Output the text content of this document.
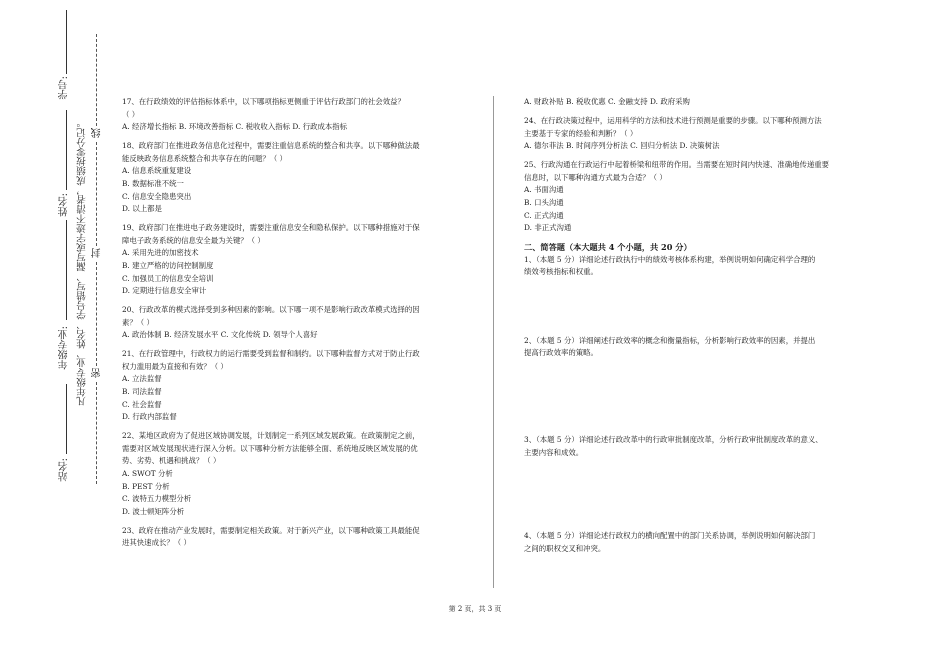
学号:
姓名:
年级专业:
站名:
凡年级专业、姓名、学号错写、漏写或字迹不清者，成绩按零分记。 线
封
密

17、在行政绩效的评估指标体系中，以下哪项指标更侧重于评估行政部门的社会效益？

（ ）

A. 经济增长指标 B. 环境改善指标 C. 税收收入指标 D. 行政成本指标

18、政府部门在推进政务信息化过程中，需要注重信息系统的整合和共享。以下哪种做法最

能反映政务信息系统整合和共享存在的问题？（ ）

A. 信息系统重复建设

B. 数据标准不统一

C. 信息安全隐患突出

D. 以上都是

19、政府部门在推进电子政务建设时，需要注重信息安全和隐私保护。以下哪种措施对于保

障电子政务系统的信息安全最为关键？（ ）

A. 采用先进的加密技术

B. 建立严格的访问控制制度

C. 加强员工的信息安全培训

D. 定期进行信息安全审计

20、行政改革的模式选择受到多种因素的影响。以下哪一项不是影响行政改革模式选择的因

素？（ ）

A. 政治体制 B. 经济发展水平 C. 文化传统 D. 领导个人喜好

21、在行政管理中，行政权力的运行需要受到监督和制约。以下哪种监督方式对于防止行政

权力滥用最为直接和有效？（ ）

A. 立法监督

B. 司法监督

C. 社会监督

D. 行政内部监督

22、某地区政府为了促进区域协调发展，计划制定一系列区域发展政策。在政策制定之前，

需要对区域发展现状进行深入分析。以下哪种分析方法能够全面、系统地反映区域发展的优

势、劣势、机遇和挑战？（ ）

A. SWOT 分析

B. PEST 分析

C. 波特五力模型分析

D. 波士顿矩阵分析

23、政府在推动产业发展时，需要制定相关政策。对于新兴产业，以下哪种政策工具最能促

进其快速成长？（ ）

A. 财政补贴 B. 税收优惠 C. 金融支持 D. 政府采购

24、在行政决策过程中，运用科学的方法和技术进行预测是重要的步骤。以下哪种预测方法

主要基于专家的经验和判断？（ ）

A. 德尔菲法 B. 时间序列分析法 C. 回归分析法 D. 决策树法

25、行政沟通在行政运行中起着桥梁和纽带的作用。当需要在短时间内快速、准确地传递重要

信息时，以下哪种沟通方式最为合适？（ ）

A. 书面沟通

B. 口头沟通

C. 正式沟通

D. 非正式沟通

二、简答题（本大题共 4 个小题，共 20 分）

1、（本题 5 分）详细论述行政执行中的绩效考核体系构建，举例说明如何确定科学合理的

绩效考核指标和权重。

2、（本题 5 分）详细阐述行政效率的概念和衡量指标，分析影响行政效率的因素，并提出

提高行政效率的策略。

3、（本题 5 分）详细论述行政改革中的行政审批制度改革，分析行政审批制度改革的意义、

主要内容和成效。

4、（本题 5 分）详细论述行政权力的横向配置中的部门关系协调，举例说明如何解决部门

之间的职权交叉和冲突。

第 2 页，共 3 页
